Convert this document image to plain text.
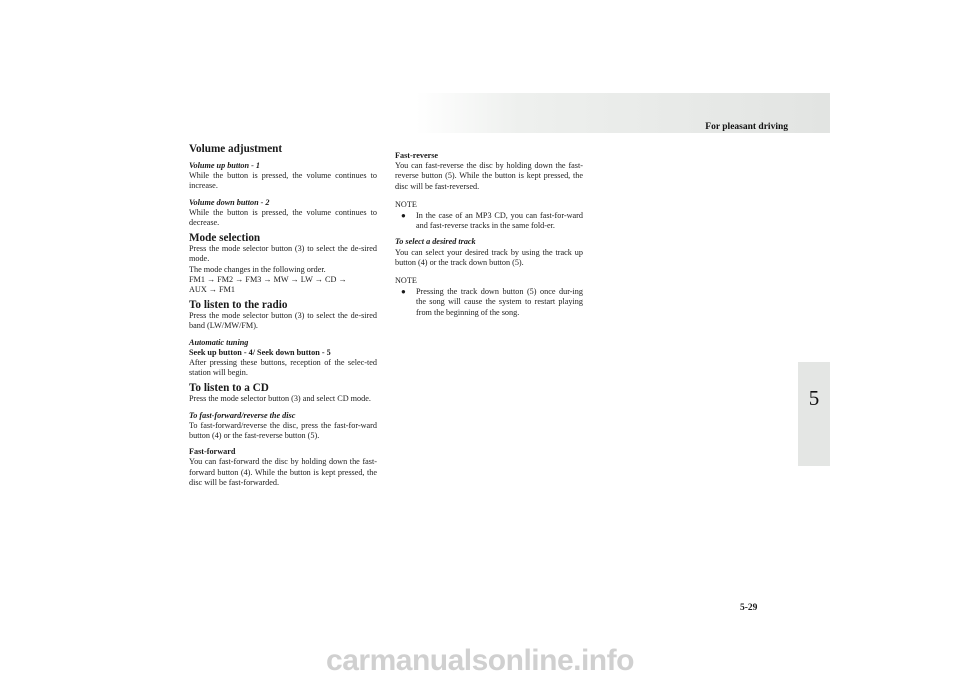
For pleasant driving
5
Volume adjustment

Volume up button - 1

While the button is pressed, the volume continues to increase.

Volume down button - 2

While the button is pressed, the volume continues to decrease.

Mode selection

Press the mode selector button (3) to select the de-sired mode.

The mode changes in the following order.

FM1 → FM2 → FM3 → MW → LW → CD →

AUX → FM1

To listen to the radio

Press the mode selector button (3) to select the de-sired band (LW/MW/FM).

Automatic tuning

Seek up button - 4/ Seek down button - 5

After pressing these buttons, reception of the selec-ted station will begin.

To listen to a CD

Press the mode selector button (3) and select CD mode.

To fast-forward/reverse the disc

To fast-forward/reverse the disc, press the fast-for-ward button (4) or the fast-reverse button (5).

Fast-forward

You can fast-forward the disc by holding down the fast-forward button (4). While the button is kept pressed, the disc will be fast-forwarded.

Fast-reverse

You can fast-reverse the disc by holding down the fast-reverse button (5). While the button is kept pressed, the disc will be fast-reversed.

NOTE

●	In the case of an MP3 CD, you can fast-for-ward and fast-reverse tracks in the same fold-er.

To select a desired track

You can select your desired track by using the track up button (4) or the track down button (5).

NOTE

●	Pressing the track down button (5) once dur-ing the song will cause the system to restart playing from the beginning of the song.
5-29
carmanualsonline.info
